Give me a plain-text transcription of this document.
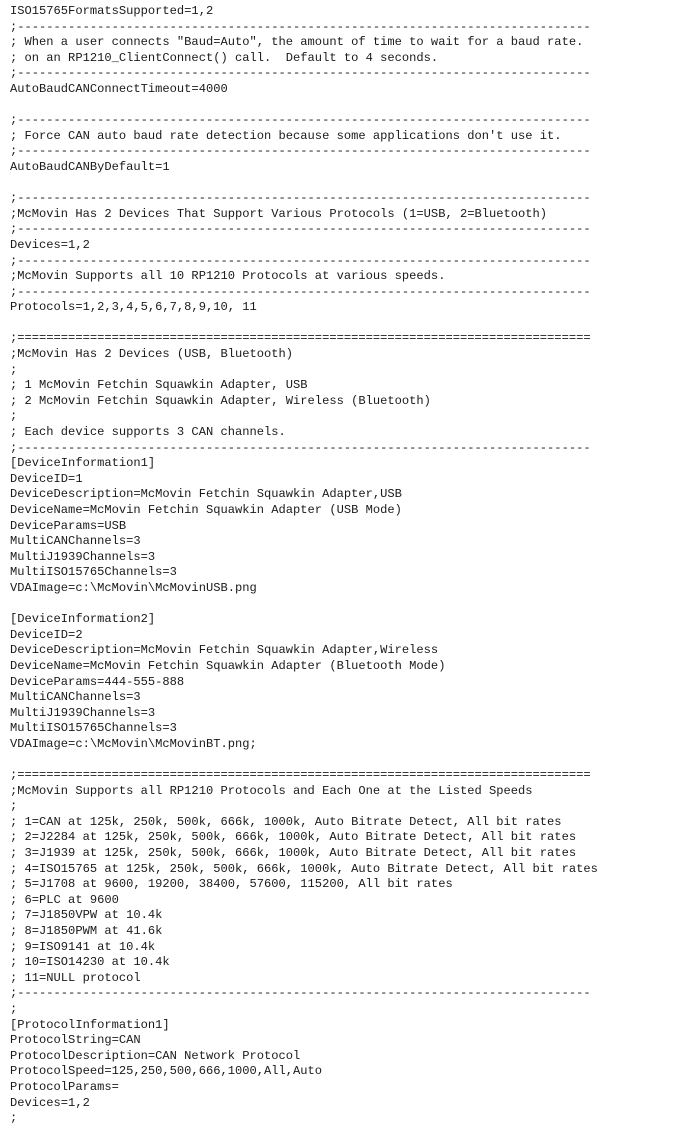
ISO15765FormatsSupported=1,2
;-------------------------------------------------------------------------------
; When a user connects "Baud=Auto", the amount of time to wait for a baud rate.
; on an RP1210_ClientConnect() call.  Default to 4 seconds.
;-------------------------------------------------------------------------------
AutoBaudCANConnectTimeout=4000
;-------------------------------------------------------------------------------
; Force CAN auto baud rate detection because some applications don't use it.
;-------------------------------------------------------------------------------
AutoBaudCANByDefault=1
;-------------------------------------------------------------------------------
;McMovin Has 2 Devices That Support Various Protocols (1=USB, 2=Bluetooth)
;-------------------------------------------------------------------------------
Devices=1,2
;-------------------------------------------------------------------------------
;McMovin Supports all 10 RP1210 Protocols at various speeds.
;-------------------------------------------------------------------------------
Protocols=1,2,3,4,5,6,7,8,9,10, 11
;===============================================================================
;McMovin Has 2 Devices (USB, Bluetooth)
;
; 1 McMovin Fetchin Squawkin Adapter, USB
; 2 McMovin Fetchin Squawkin Adapter, Wireless (Bluetooth)
;
; Each device supports 3 CAN channels.
;-------------------------------------------------------------------------------
[DeviceInformation1]
DeviceID=1
DeviceDescription=McMovin Fetchin Squawkin Adapter,USB
DeviceName=McMovin Fetchin Squawkin Adapter (USB Mode)
DeviceParams=USB
MultiCANChannels=3
MultiJ1939Channels=3
MultiISO15765Channels=3
VDAImage=c:\McMovin\McMovinUSB.png
[DeviceInformation2]
DeviceID=2
DeviceDescription=McMovin Fetchin Squawkin Adapter,Wireless
DeviceName=McMovin Fetchin Squawkin Adapter (Bluetooth Mode)
DeviceParams=444-555-888
MultiCANChannels=3
MultiJ1939Channels=3
MultiISO15765Channels=3
VDAImage=c:\McMovin\McMovinBT.png;
;===============================================================================
;McMovin Supports all RP1210 Protocols and Each One at the Listed Speeds
;
; 1=CAN at 125k, 250k, 500k, 666k, 1000k, Auto Bitrate Detect, All bit rates
; 2=J2284 at 125k, 250k, 500k, 666k, 1000k, Auto Bitrate Detect, All bit rates
; 3=J1939 at 125k, 250k, 500k, 666k, 1000k, Auto Bitrate Detect, All bit rates
; 4=ISO15765 at 125k, 250k, 500k, 666k, 1000k, Auto Bitrate Detect, All bit rates
; 5=J1708 at 9600, 19200, 38400, 57600, 115200, All bit rates
; 6=PLC at 9600
; 7=J1850VPW at 10.4k
; 8=J1850PWM at 41.6k
; 9=ISO9141 at 10.4k
; 10=ISO14230 at 10.4k
; 11=NULL protocol
;-------------------------------------------------------------------------------
;
[ProtocolInformation1]
ProtocolString=CAN
ProtocolDescription=CAN Network Protocol
ProtocolSpeed=125,250,500,666,1000,All,Auto
ProtocolParams=
Devices=1,2
;
